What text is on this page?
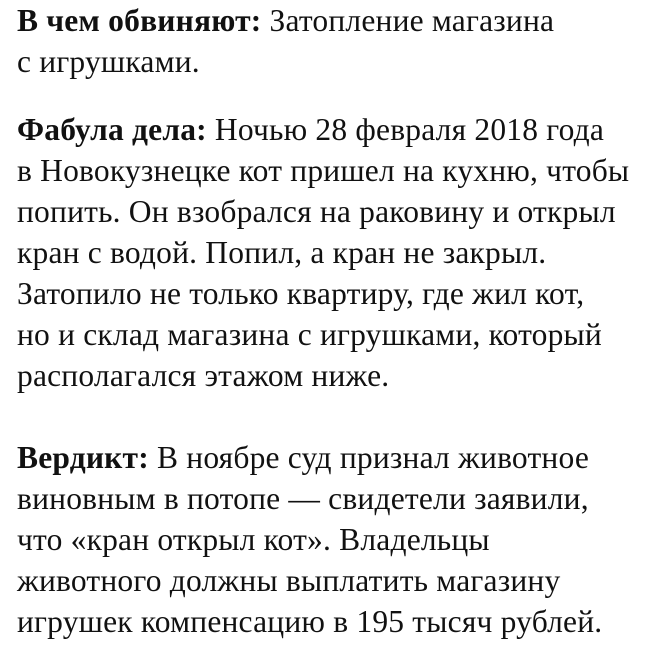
В чем обвиняют: Затопление магазина
с игрушками.
Фабула дела: Ночью 28 февраля 2018 года
в Новокузнецке кот пришел на кухню, чтобы
попить. Он взобрался на раковину и открыл
кран с водой. Попил, а кран не закрыл.
Затопило не только квартиру, где жил кот,
но и склад магазина с игрушками, который
располагался этажом ниже.
Вердикт: В ноябре суд признал животное
виновным в потопе — свидетели заявили,
что «кран открыл кот». Владельцы
животного должны выплатить магазину
игрушек компенсацию в 195 тысяч рублей.
